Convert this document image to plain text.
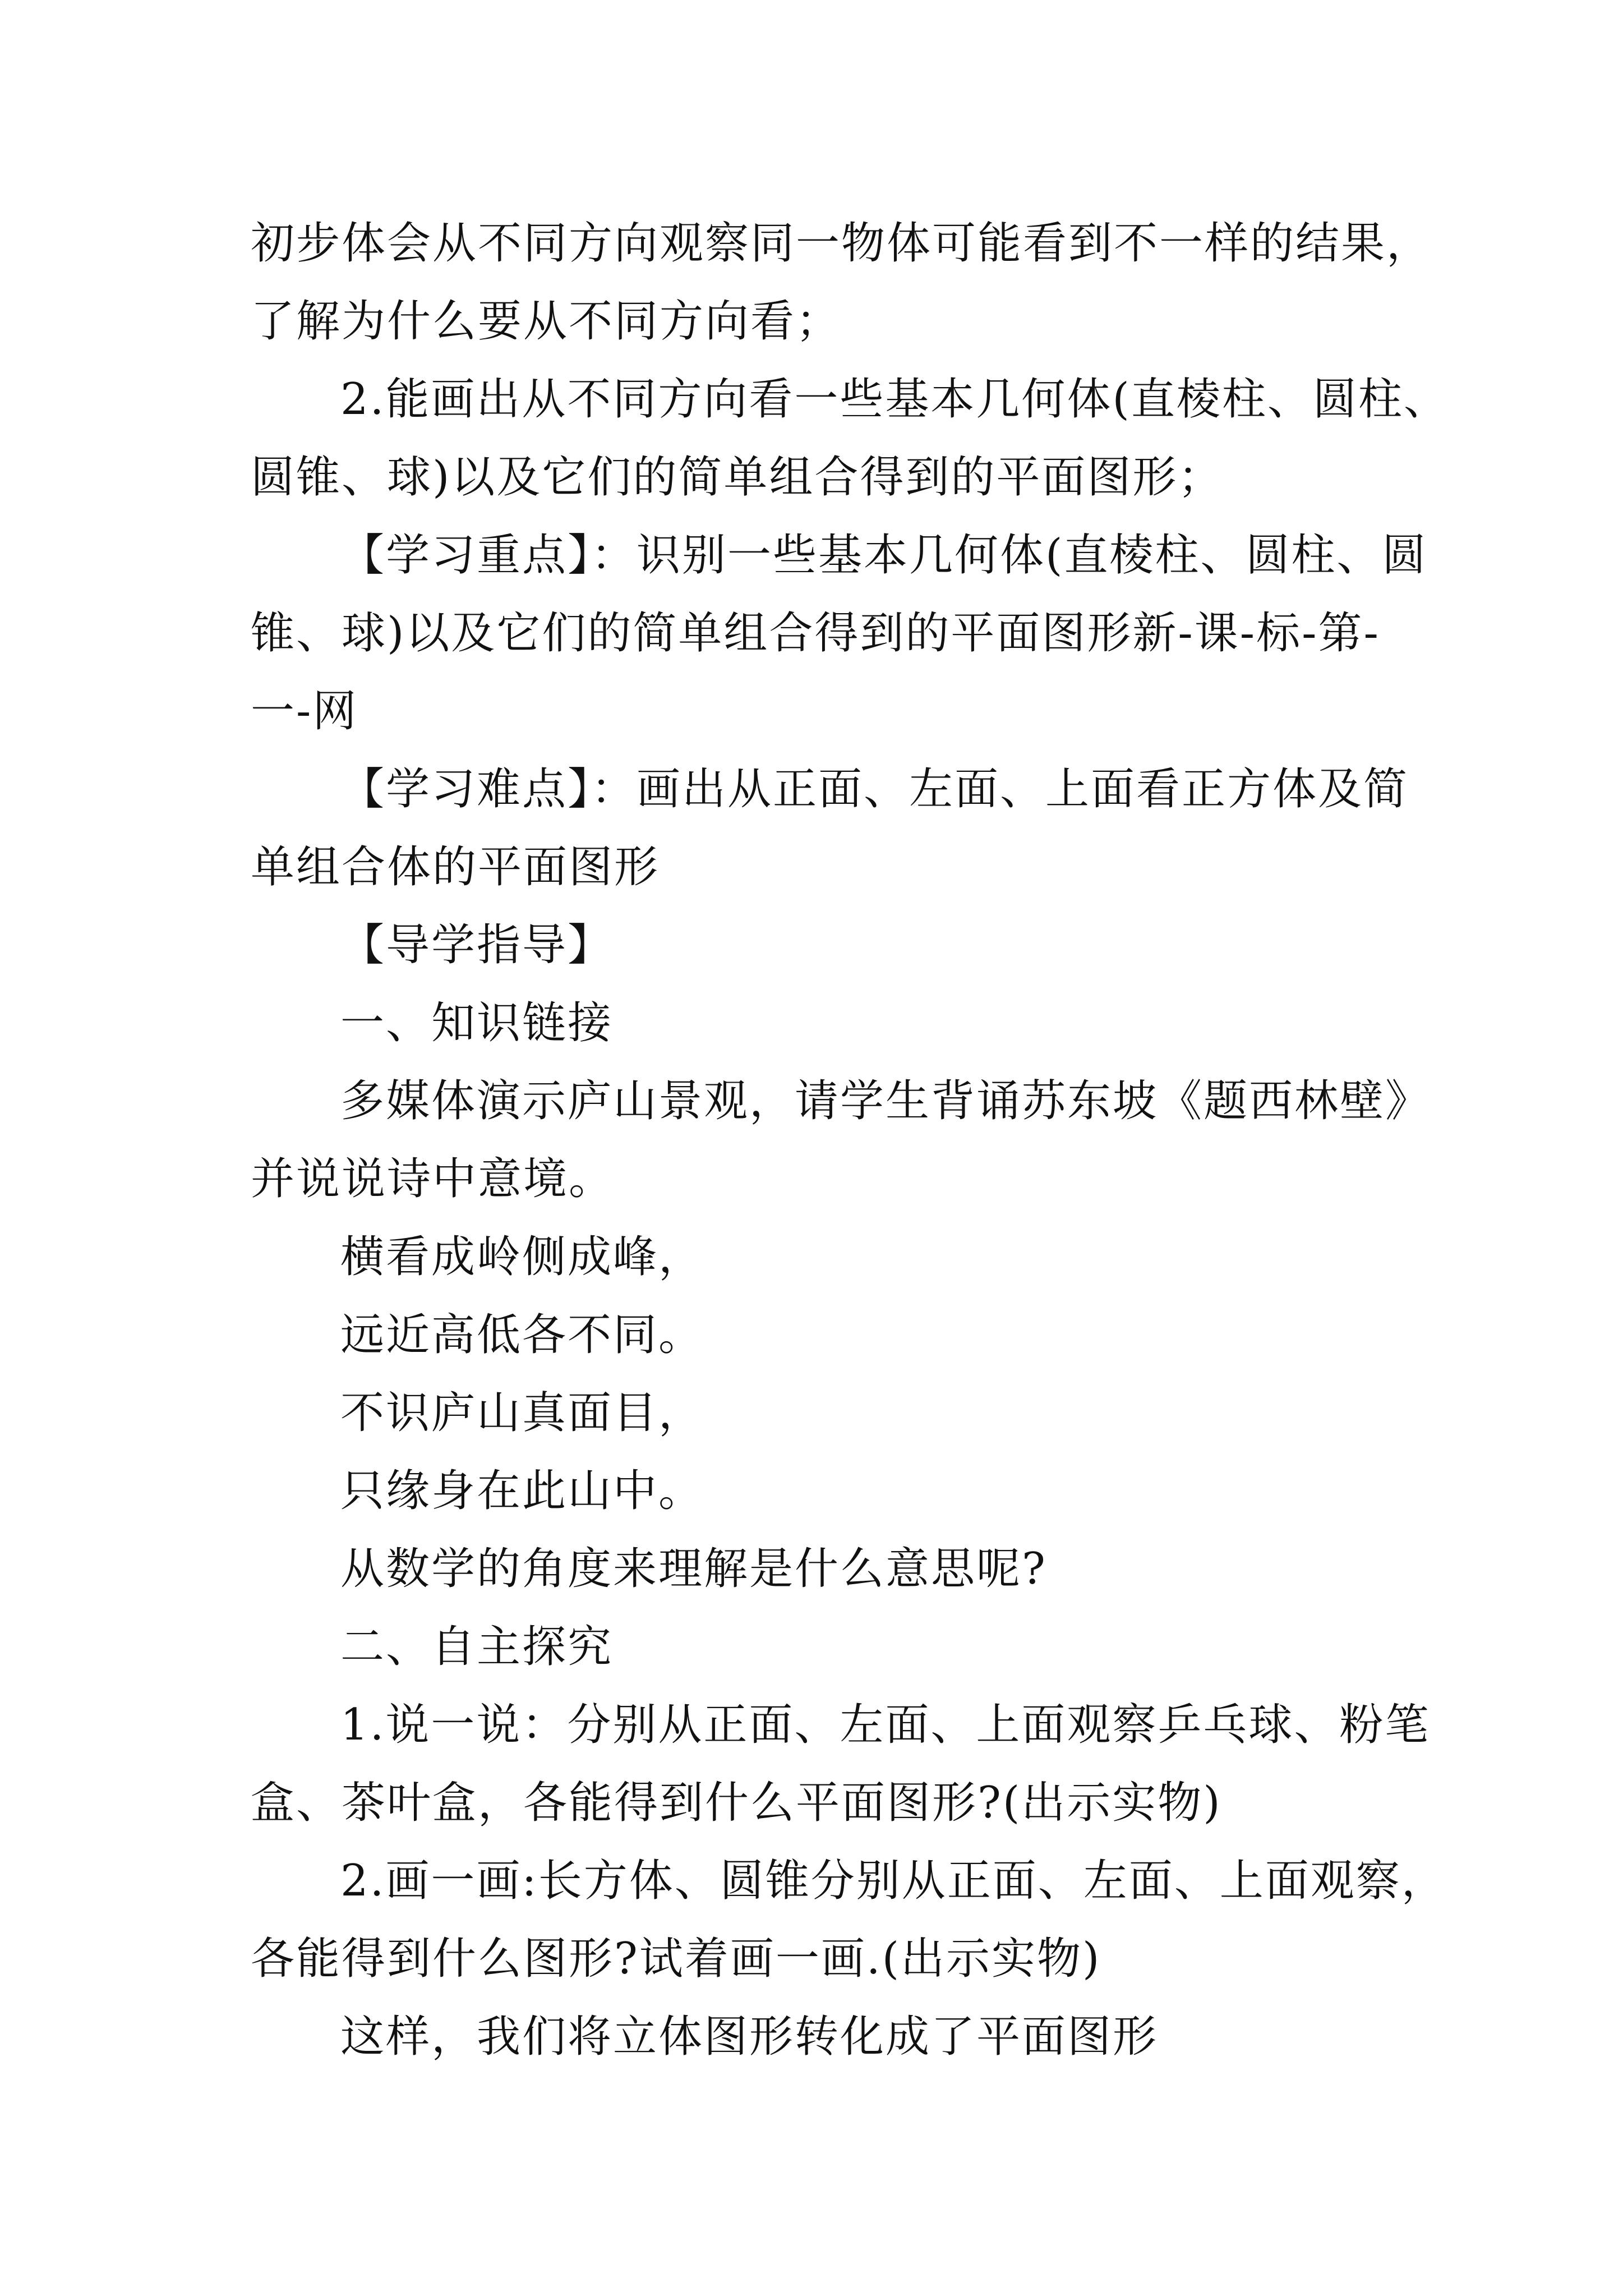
初步体会从不同方向观察同一物体可能看到不一样的结果，
了解为什么要从不同方向看；
2.能画出从不同方向看一些基本几何体(直棱柱、圆柱、
圆锥、球)以及它们的简单组合得到的平面图形；
【学习重点】：识别一些基本几何体(直棱柱、圆柱、圆
锥、球)以及它们的简单组合得到的平面图形新-课-标-第-
一-网
【学习难点】：画出从正面、左面、上面看正方体及简
单组合体的平面图形
【导学指导】
一、知识链接
多媒体演示庐山景观，请学生背诵苏东坡《题西林壁》
并说说诗中意境。
横看成岭侧成峰，
远近高低各不同。
不识庐山真面目，
只缘身在此山中。
从数学的角度来理解是什么意思呢?
二、自主探究
1.说一说：分别从正面、左面、上面观察乒乓球、粉笔
盒、茶叶盒，各能得到什么平面图形?(出示实物)
2.画一画:长方体、圆锥分别从正面、左面、上面观察，
各能得到什么图形?试着画一画.(出示实物)
这样，我们将立体图形转化成了平面图形
